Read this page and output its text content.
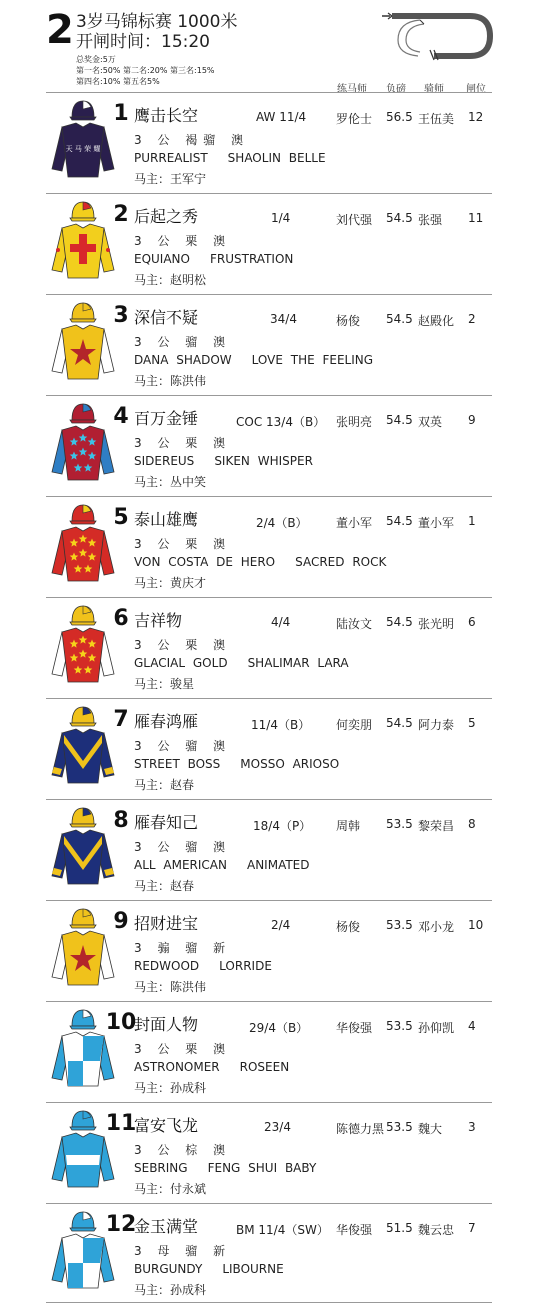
2 3岁马锦标赛 1000米
开闸时间：15:20
总奖金:5万
第一名:50% 第二名:20% 第三名:15%
第四名:10% 第五名5%
练马师 负磅 骑师 闸位
天 马 荣 耀
1 鹰击长空	AW 11/4 罗伦士 56.5 王伍美 12
3 公 褐骝 澳
PURREALIST SHAOLIN BELLE
马主：王军宁
2 后起之秀	1/4	刘代强 54.5 张强 11
3 公 栗 澳
EQUIANO FRUSTRATION
马主：赵明松
3 深信不疑	34/4	杨俊 54.5 赵殿化 2
3 公 骝 澳
DANA SHADOW LOVE THE FEELING
马主：陈洪伟
4 百万金锤	COC 13/4（B） 张明亮 54.5 双英 9
3 公 栗 澳
SIDEREUS SIKEN WHISPER
马主：丛中笑
5 泰山雄鹰	2/4（B） 董小军 54.5 董小军 1
3 公 栗 澳
VON COSTA DE HERO SACRED ROCK
马主：黄庆才
6 吉祥物	4/4	陆汝文 54.5 张光明 6
3 公 栗 澳
GLACIAL GOLD SHALIMAR LARA
马主：骏星
7 雁春鸿雁	11/4（B） 何奕朋 54.5 阿力泰 5
3 公 骝 澳
STREET BOSS MOSSO ARIOSO
马主：赵春
8 雁春知己	18/4（P） 周韩 53.5 黎荣昌 8
3 公 骝 澳
ALL AMERICAN ANIMATED
马主：赵春
9 招财进宝	2/4	杨俊 53.5 邓小龙 10
3 骟 骝 新
REDWOOD LORRIDE
马主：陈洪伟
10
封面人物	29/4（B） 华俊强 53.5 孙仰凯 4
3 公 栗 澳
ASTRONOMER ROSEEN
马主：孙成科
11
富安飞龙	23/4	陈德力黑 53.5 魏大 3
3 公 棕 澳
SEBRING FENG SHUI BABY
马主：付永斌
12
金玉满堂	BM 11/4（SW） 华俊强 51.5 魏云忠 7
3 母 骝 新
BURGUNDY LIBOURNE
马主：孙成科
